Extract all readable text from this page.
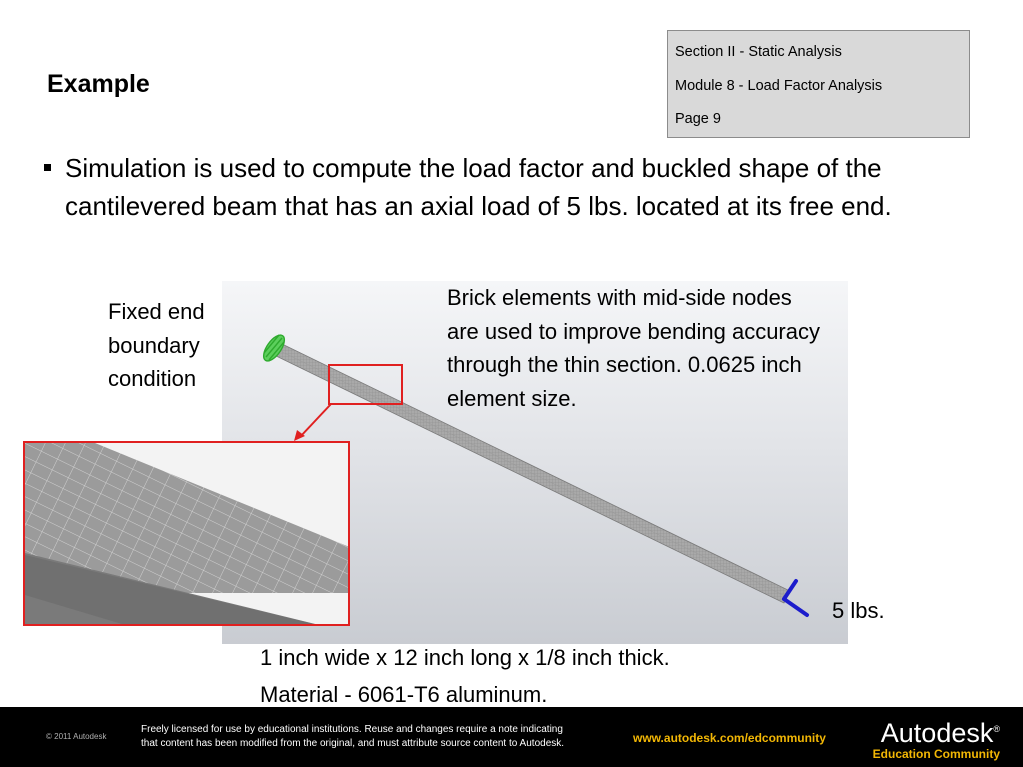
Example
Section II - Static Analysis
Module 8 - Load Factor Analysis
Page 9

Simulation is used to compute the load factor and buckled shape of the cantilevered beam that has an axial load of 5 lbs. located at its free end.

Fixed end
boundary
condition

Brick elements with mid-side nodes
are used to improve bending accuracy
through the thin section. 0.0625 inch
element size.

5 lbs.
1 inch wide x 12 inch long x 1/8 inch thick.
Material - 6061-T6 aluminum.
© 2011 Autodesk

Freely licensed for use by educational institutions. Reuse and changes require a note indicating
that content has been modified from the original, and must attribute source content to Autodesk.	www.autodesk.com/edcommunity	Autodesk®
Education Community
